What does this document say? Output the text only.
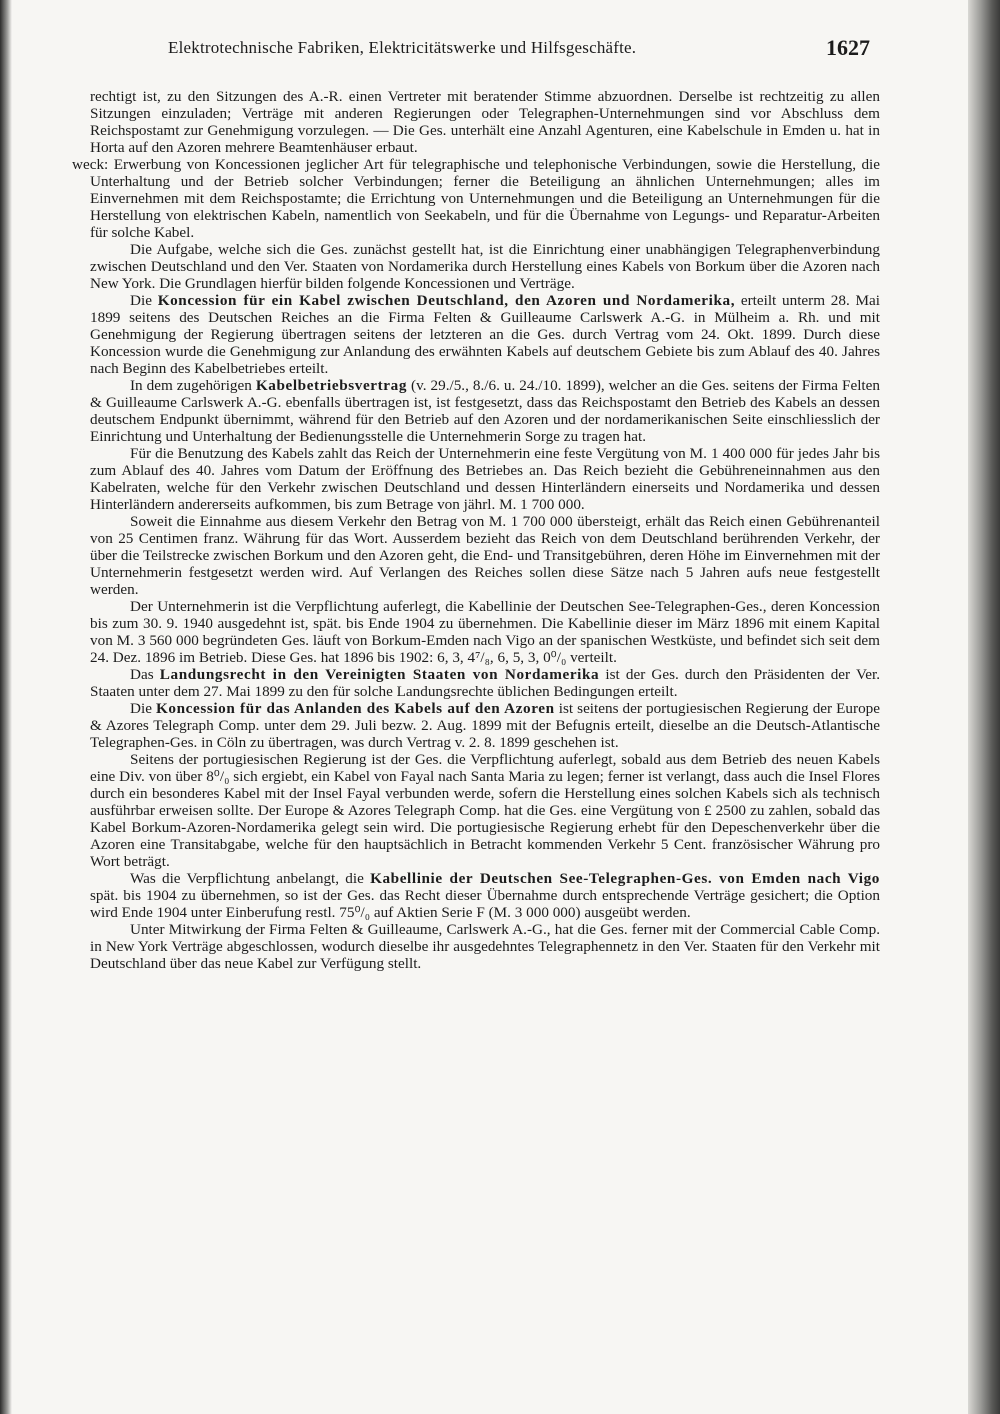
Elektrotechnische Fabriken, Elektricitätswerke und Hilfsgeschäfte.	1627

rechtigt ist, zu den Sitzungen des A.-R. einen Vertreter mit beratender Stimme abzuordnen. Derselbe ist rechtzeitig zu allen Sitzungen einzuladen; Verträge mit anderen Regierungen oder Telegraphen-Unternehmungen sind vor Abschluss dem Reichspostamt zur Genehmigung vorzulegen. — Die Ges. unterhält eine Anzahl Agenturen, eine Kabelschule in Emden u. hat in Horta auf den Azoren mehrere Beamtenhäuser erbaut.

weck: Erwerbung von Koncessionen jeglicher Art für telegraphische und telephonische Verbindungen, sowie die Herstellung, die Unterhaltung und der Betrieb solcher Verbindungen; ferner die Beteiligung an ähnlichen Unternehmungen; alles im Einvernehmen mit dem Reichspostamte; die Errichtung von Unternehmungen und die Beteiligung an Unternehmungen für die Herstellung von elektrischen Kabeln, namentlich von Seekabeln, und für die Übernahme von Legungs- und Reparatur-Arbeiten für solche Kabel.

Die Aufgabe, welche sich die Ges. zunächst gestellt hat, ist die Einrichtung einer unabhängigen Telegraphenverbindung zwischen Deutschland und den Ver. Staaten von Nordamerika durch Herstellung eines Kabels von Borkum über die Azoren nach New York. Die Grundlagen hierfür bilden folgende Koncessionen und Verträge.

Die Koncession für ein Kabel zwischen Deutschland, den Azoren und Nordamerika, erteilt unterm 28. Mai 1899 seitens des Deutschen Reiches an die Firma Felten & Guilleaume Carlswerk A.-G. in Mülheim a. Rh. und mit Genehmigung der Regierung übertragen seitens der letzteren an die Ges. durch Vertrag vom 24. Okt. 1899. Durch diese Koncession wurde die Genehmigung zur Anlandung des erwähnten Kabels auf deutschem Gebiete bis zum Ablauf des 40. Jahres nach Beginn des Kabelbetriebes erteilt.

In dem zugehörigen Kabelbetriebsvertrag (v. 29./5., 8./6. u. 24./10. 1899), welcher an die Ges. seitens der Firma Felten & Guilleaume Carlswerk A.-G. ebenfalls übertragen ist, ist festgesetzt, dass das Reichspostamt den Betrieb des Kabels an dessen deutschem Endpunkt übernimmt, während für den Betrieb auf den Azoren und der nordamerikanischen Seite einschliesslich der Einrichtung und Unterhaltung der Bedienungsstelle die Unternehmerin Sorge zu tragen hat.

Für die Benutzung des Kabels zahlt das Reich der Unternehmerin eine feste Vergütung von M. 1 400 000 für jedes Jahr bis zum Ablauf des 40. Jahres vom Datum der Eröffnung des Betriebes an. Das Reich bezieht die Gebühreneinnahmen aus den Kabelraten, welche für den Verkehr zwischen Deutschland und dessen Hinterländern einerseits und Nordamerika und dessen Hinterländern andererseits aufkommen, bis zum Betrage von jährl. M. 1 700 000.

Soweit die Einnahme aus diesem Verkehr den Betrag von M. 1 700 000 übersteigt, erhält das Reich einen Gebührenanteil von 25 Centimen franz. Währung für das Wort. Ausserdem bezieht das Reich von dem Deutschland berührenden Verkehr, der über die Teilstrecke zwischen Borkum und den Azoren geht, die End- und Transitgebühren, deren Höhe im Einvernehmen mit der Unternehmerin festgesetzt werden wird. Auf Verlangen des Reiches sollen diese Sätze nach 5 Jahren aufs neue festgestellt werden.

Der Unternehmerin ist die Verpflichtung auferlegt, die Kabellinie der Deutschen See-Telegraphen-Ges., deren Koncession bis zum 30. 9. 1940 ausgedehnt ist, spät. bis Ende 1904 zu übernehmen. Die Kabellinie dieser im März 1896 mit einem Kapital von M. 3 560 000 begründeten Ges. läuft von Borkum-Emden nach Vigo an der spanischen Westküste, und befindet sich seit dem 24. Dez. 1896 im Betrieb. Diese Ges. hat 1896 bis 1902: 6, 3, 4⁷/₈, 6, 5, 3, 0⁰/₀ verteilt.

Das Landungsrecht in den Vereinigten Staaten von Nordamerika ist der Ges. durch den Präsidenten der Ver. Staaten unter dem 27. Mai 1899 zu den für solche Landungsrechte üblichen Bedingungen erteilt.

Die Koncession für das Anlanden des Kabels auf den Azoren ist seitens der portugiesischen Regierung der Europe & Azores Telegraph Comp. unter dem 29. Juli bezw. 2. Aug. 1899 mit der Befugnis erteilt, dieselbe an die Deutsch-Atlantische Telegraphen-Ges. in Cöln zu übertragen, was durch Vertrag v. 2. 8. 1899 geschehen ist.

Seitens der portugiesischen Regierung ist der Ges. die Verpflichtung auferlegt, sobald aus dem Betrieb des neuen Kabels eine Div. von über 8⁰/₀ sich ergiebt, ein Kabel von Fayal nach Santa Maria zu legen; ferner ist verlangt, dass auch die Insel Flores durch ein besonderes Kabel mit der Insel Fayal verbunden werde, sofern die Herstellung eines solchen Kabels sich als technisch ausführbar erweisen sollte. Der Europe & Azores Telegraph Comp. hat die Ges. eine Vergütung von £ 2500 zu zahlen, sobald das Kabel Borkum-Azoren-Nordamerika gelegt sein wird. Die portugiesische Regierung erhebt für den Depeschenverkehr über die Azoren eine Transitabgabe, welche für den hauptsächlich in Betracht kommenden Verkehr 5 Cent. französischer Währung pro Wort beträgt.

Was die Verpflichtung anbelangt, die Kabellinie der Deutschen See-Telegraphen-Ges. von Emden nach Vigo spät. bis 1904 zu übernehmen, so ist der Ges. das Recht dieser Übernahme durch entsprechende Verträge gesichert; die Option wird Ende 1904 unter Einberufung restl. 75⁰/₀ auf Aktien Serie F (M. 3 000 000) ausgeübt werden.

Unter Mitwirkung der Firma Felten & Guilleaume, Carlswerk A.-G., hat die Ges. ferner mit der Commercial Cable Comp. in New York Verträge abgeschlossen, wodurch dieselbe ihr ausgedehntes Telegraphennetz in den Ver. Staaten für den Verkehr mit Deutschland über das neue Kabel zur Verfügung stellt.
